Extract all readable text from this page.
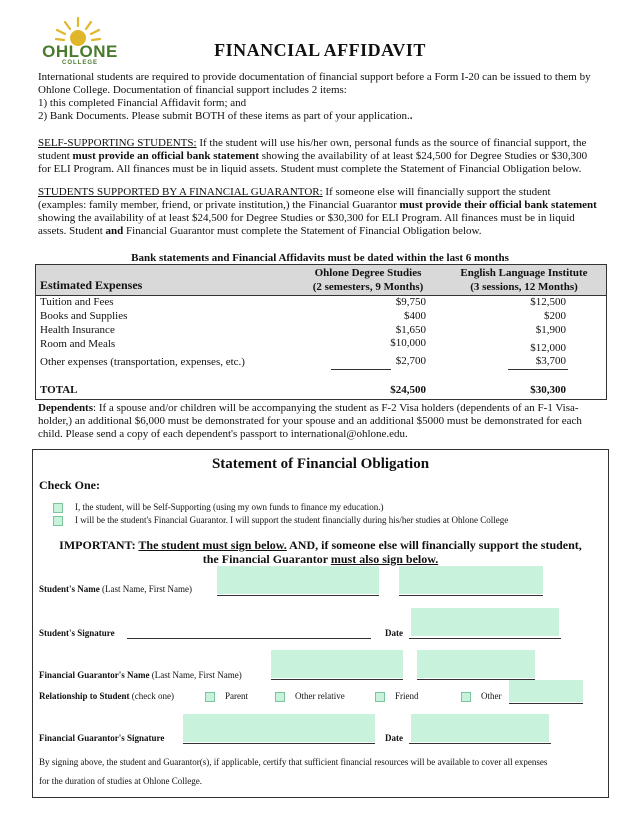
OHLONE
COLLEGE
FINANCIAL AFFIDAVIT
International students are required to provide documentation of financial support before a Form I-20 can be issued to them by
Ohlone College. Documentation of financial support includes 2 items:
1) this completed Financial Affidavit form; and
2) Bank Documents. Please submit BOTH of these items as part of your application..
SELF-SUPPORTING STUDENTS: If the student will use his/her own, personal funds as the source of financial support, the
student must provide an official bank statement showing the availability of at least $24,500 for Degree Studies or $30,300
for ELI Program. All finances must be in liquid assets. Student must complete the Statement of Financial Obligation below.
STUDENTS SUPPORTED BY A FINANCIAL GUARANTOR: If someone else will financially support the student
(examples: family member, friend, or private institution,) the Financial Guarantor must provide their official bank statement
showing the availability of at least $24,500 for Degree Studies or $30,300 for ELI Program. All finances must be in liquid
assets. Student and Financial Guarantor must complete the Statement of Financial Obligation below.
Bank statements and Financial Affidavits must be dated within the last 6 months
Estimated Expenses
Ohlone Degree Studies
(2 semesters, 9 Months)
English Language Institute
(3 sessions, 12 Months)
Tuition and Fees	$9,750	$12,500
Books and Supplies	$400	$200
Health Insurance	$1,650	$1,900
Room and Meals	$10,000	$12,000
Other expenses (transportation, expenses, etc.)	$2,700	$3,700
TOTAL	$24,500	$30,300
Dependents: If a spouse and/or children will be accompanying the student as F-2 Visa holders (dependents of an F-1 Visa-
holder,) an additional $6,000 must be demonstrated for your spouse and an additional $5000 must be demonstrated for each
child. Please send a copy of each dependent's passport to international@ohlone.edu.
Statement of Financial Obligation
Check One:
I, the student, will be Self-Supporting (using my own funds to finance my education.)
I will be the student's Financial Guarantor. I will support the student financially during his/her studies at Ohlone College
IMPORTANT: The student must sign below. AND, if someone else will financially support the student,
the Financial Guarantor must also sign below.
Student's Name (Last Name, First Name)
Student's Signature	Date
Financial Guarantor's Name (Last Name, First Name)
Relationship to Student (check one)	Parent	Other relative	Friend	Other
Financial Guarantor's Signature	Date
By signing above, the student and Guarantor(s), if applicable, certify that sufficient financial resources will be available to cover all expenses
for the duration of studies at Ohlone College.
